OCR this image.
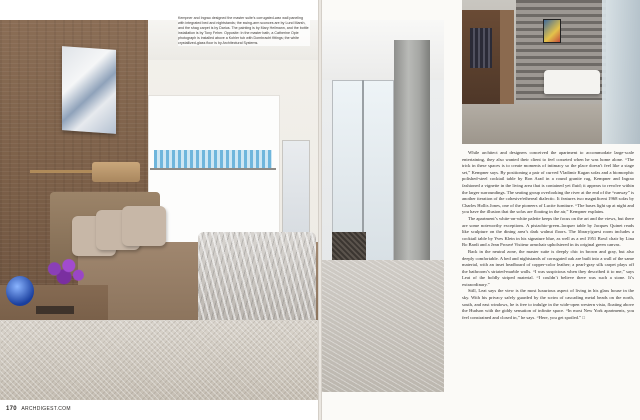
Kempner and Ingrao designed the master suite’s corrugated-wax wall paneling with integrated bed and nightstands; the swing-arm sconces are by Lund Marsh, and the shag carpet is by Darius. The painting is by Mary Heilmann, and the bottle installation is by Tony Feher. Opposite: In the master bath, a Catherine Opie photograph is installed above a Kohler tub with Dornbracht fittings; the white crystallized-glass floor is by Architectural Systems.

170 ARCHDIGEST.COM

While architect and designers conceived the apartment to accommodate large-scale entertaining, they also wanted their client to feel cosseted when he was home alone. “The trick in these spaces is to create moments of intimacy so the place doesn’t feel like a stage set,” Kempner says. By positioning a pair of curved Vladimir Kagan sofas and a biomorphic polished-steel cocktail table by Ron Arad in a round granite rug, Kempner and Ingrao fashioned a vignette in the living area that is contained yet fluid; it appears to revolve within the larger surroundings. The seating group overlooking the river at the end of the “runway” is another iteration of the cohesive/ethereal dialectic. It features two magnificent 1968 sofas by Charles Hollis Jones, one of the pioneers of Lucite furniture. “The bases light up at night and you have the illusion that the sofas are floating in the air,” Kempner explains.

The apartment’s white-on-white palette keeps the focus on the art and the views, but there are some noteworthy exceptions. A pistachio-green–lacquer table by Jacques Quinet reads like sculpture on the dining area’s dark walnut floors. The library/guest room includes a cocktail table by Yves Klein in his signature blue, as well as a red 1951 Bowl chair by Lina Bo Bardi and a Jean Prouvé Visiteur armchair upholstered in its original green canvas.

Back in the neutral zone, the master suite is deeply chic in brown and gray, but also deeply comfortable. A bed and nightstands of corrugated oak are built into a wall of the same material, with an inset headboard of copper-color leather; a pearl-gray silk carpet plays off the bathroom’s striated-marble walls. “I was suspicious when they described it to me,” says Leat of the boldly striped material. “I couldn’t believe there was such a stone. It’s extraordinary.”

Still, Leat says the view is the most luxurious aspect of living in his glass house in the sky. With his privacy safely guarded by the scrim of cascading metal beads on the north, south, and east windows, he is free to indulge in the wide-open western vista, floating above the Hudson with the giddy sensation of infinite space. “In most New York apartments, you feel constrained and closed in,” he says. “Here, you get spoiled.” □
